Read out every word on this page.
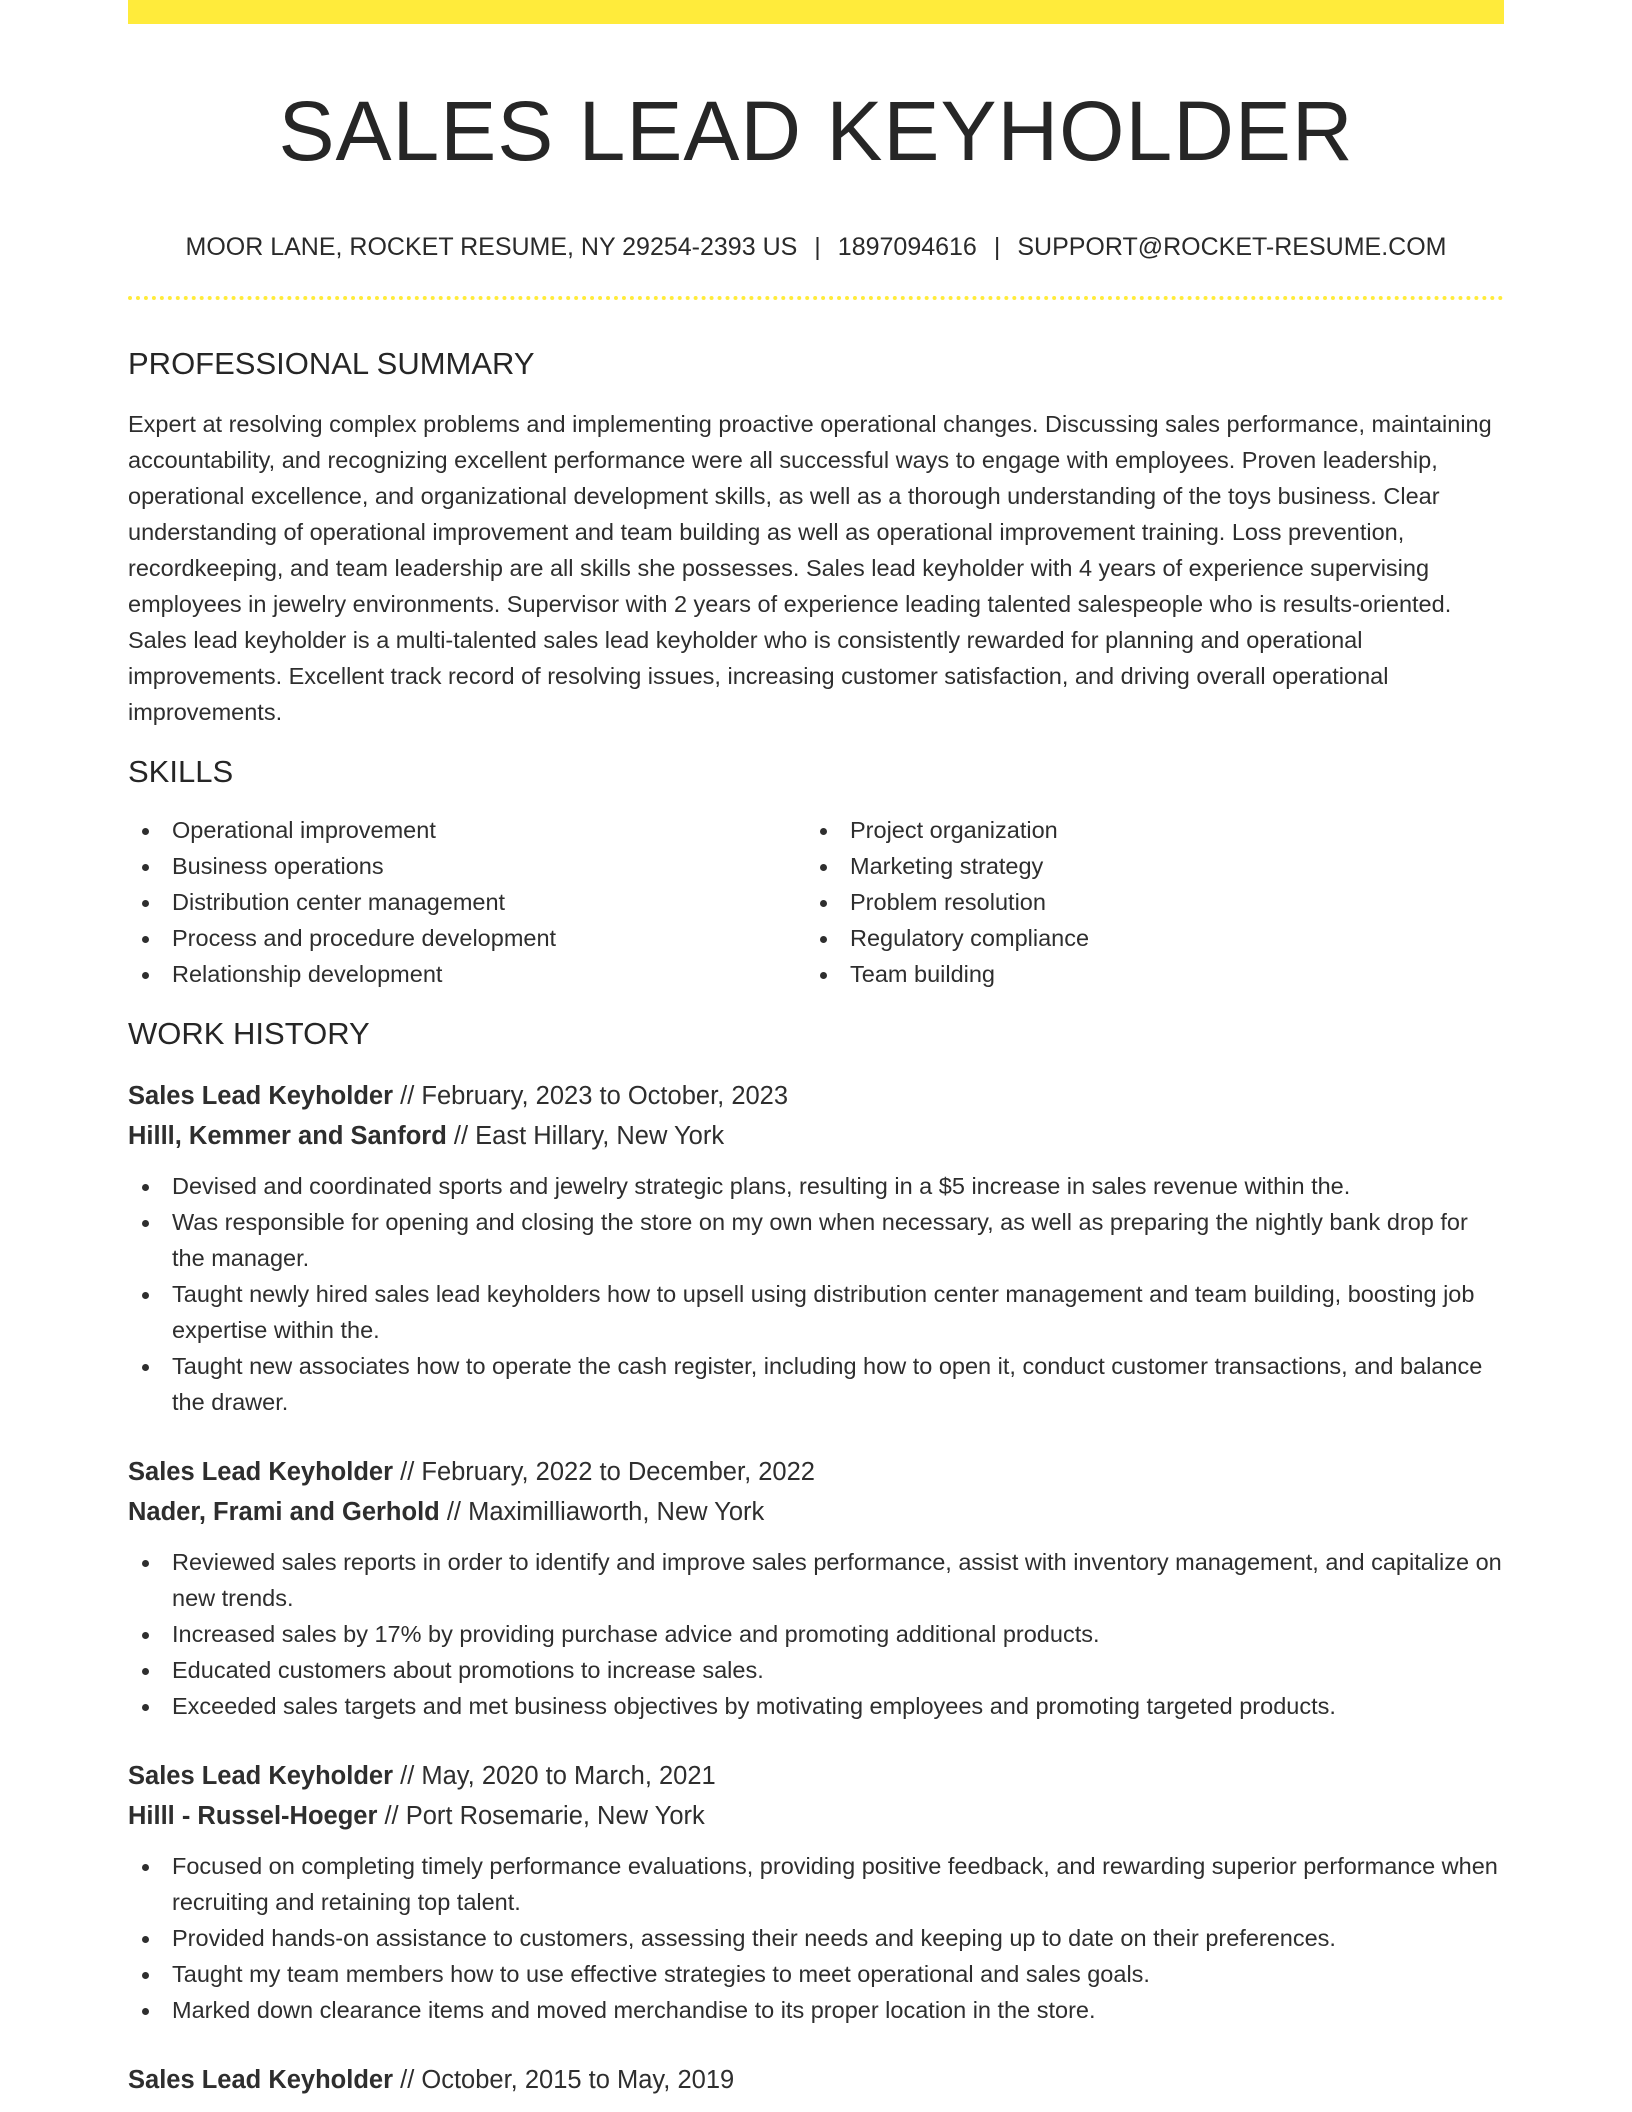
SALES LEAD KEYHOLDER
MOOR LANE, ROCKET RESUME, NY 29254-2393 US | 1897094616 | SUPPORT@ROCKET-RESUME.COM
PROFESSIONAL SUMMARY

Expert at resolving complex problems and implementing proactive operational changes. Discussing sales performance, maintaining accountability, and recognizing excellent performance were all successful ways to engage with employees. Proven leadership, operational excellence, and organizational development skills, as well as a thorough understanding of the toys business. Clear understanding of operational improvement and team building as well as operational improvement training. Loss prevention, recordkeeping, and team leadership are all skills she possesses. Sales lead keyholder with 4 years of experience supervising employees in jewelry environments. Supervisor with 2 years of experience leading talented salespeople who is results-oriented. Sales lead keyholder is a multi-talented sales lead keyholder who is consistently rewarded for planning and operational improvements. Excellent track record of resolving issues, increasing customer satisfaction, and driving overall operational improvements.

SKILLS
Operational improvement
Business operations
Distribution center management
Process and procedure development
Relationship development
Project organization
Marketing strategy
Problem resolution
Regulatory compliance
Team building
WORK HISTORY
Sales Lead Keyholder // February, 2023 to October, 2023
Hilll, Kemmer and Sanford // East Hillary, New York
Devised and coordinated sports and jewelry strategic plans, resulting in a $5 increase in sales revenue within the.
Was responsible for opening and closing the store on my own when necessary, as well as preparing the nightly bank drop for the manager.
Taught newly hired sales lead keyholders how to upsell using distribution center management and team building, boosting job expertise within the.
Taught new associates how to operate the cash register, including how to open it, conduct customer transactions, and balance the drawer.
Sales Lead Keyholder // February, 2022 to December, 2022
Nader, Frami and Gerhold // Maximilliaworth, New York
Reviewed sales reports in order to identify and improve sales performance, assist with inventory management, and capitalize on new trends.
Increased sales by 17% by providing purchase advice and promoting additional products.
Educated customers about promotions to increase sales.
Exceeded sales targets and met business objectives by motivating employees and promoting targeted products.
Sales Lead Keyholder // May, 2020 to March, 2021
Hilll - Russel-Hoeger // Port Rosemarie, New York
Focused on completing timely performance evaluations, providing positive feedback, and rewarding superior performance when recruiting and retaining top talent.
Provided hands-on assistance to customers, assessing their needs and keeping up to date on their preferences.
Taught my team members how to use effective strategies to meet operational and sales goals.
Marked down clearance items and moved merchandise to its proper location in the store.
Sales Lead Keyholder // October, 2015 to May, 2019
